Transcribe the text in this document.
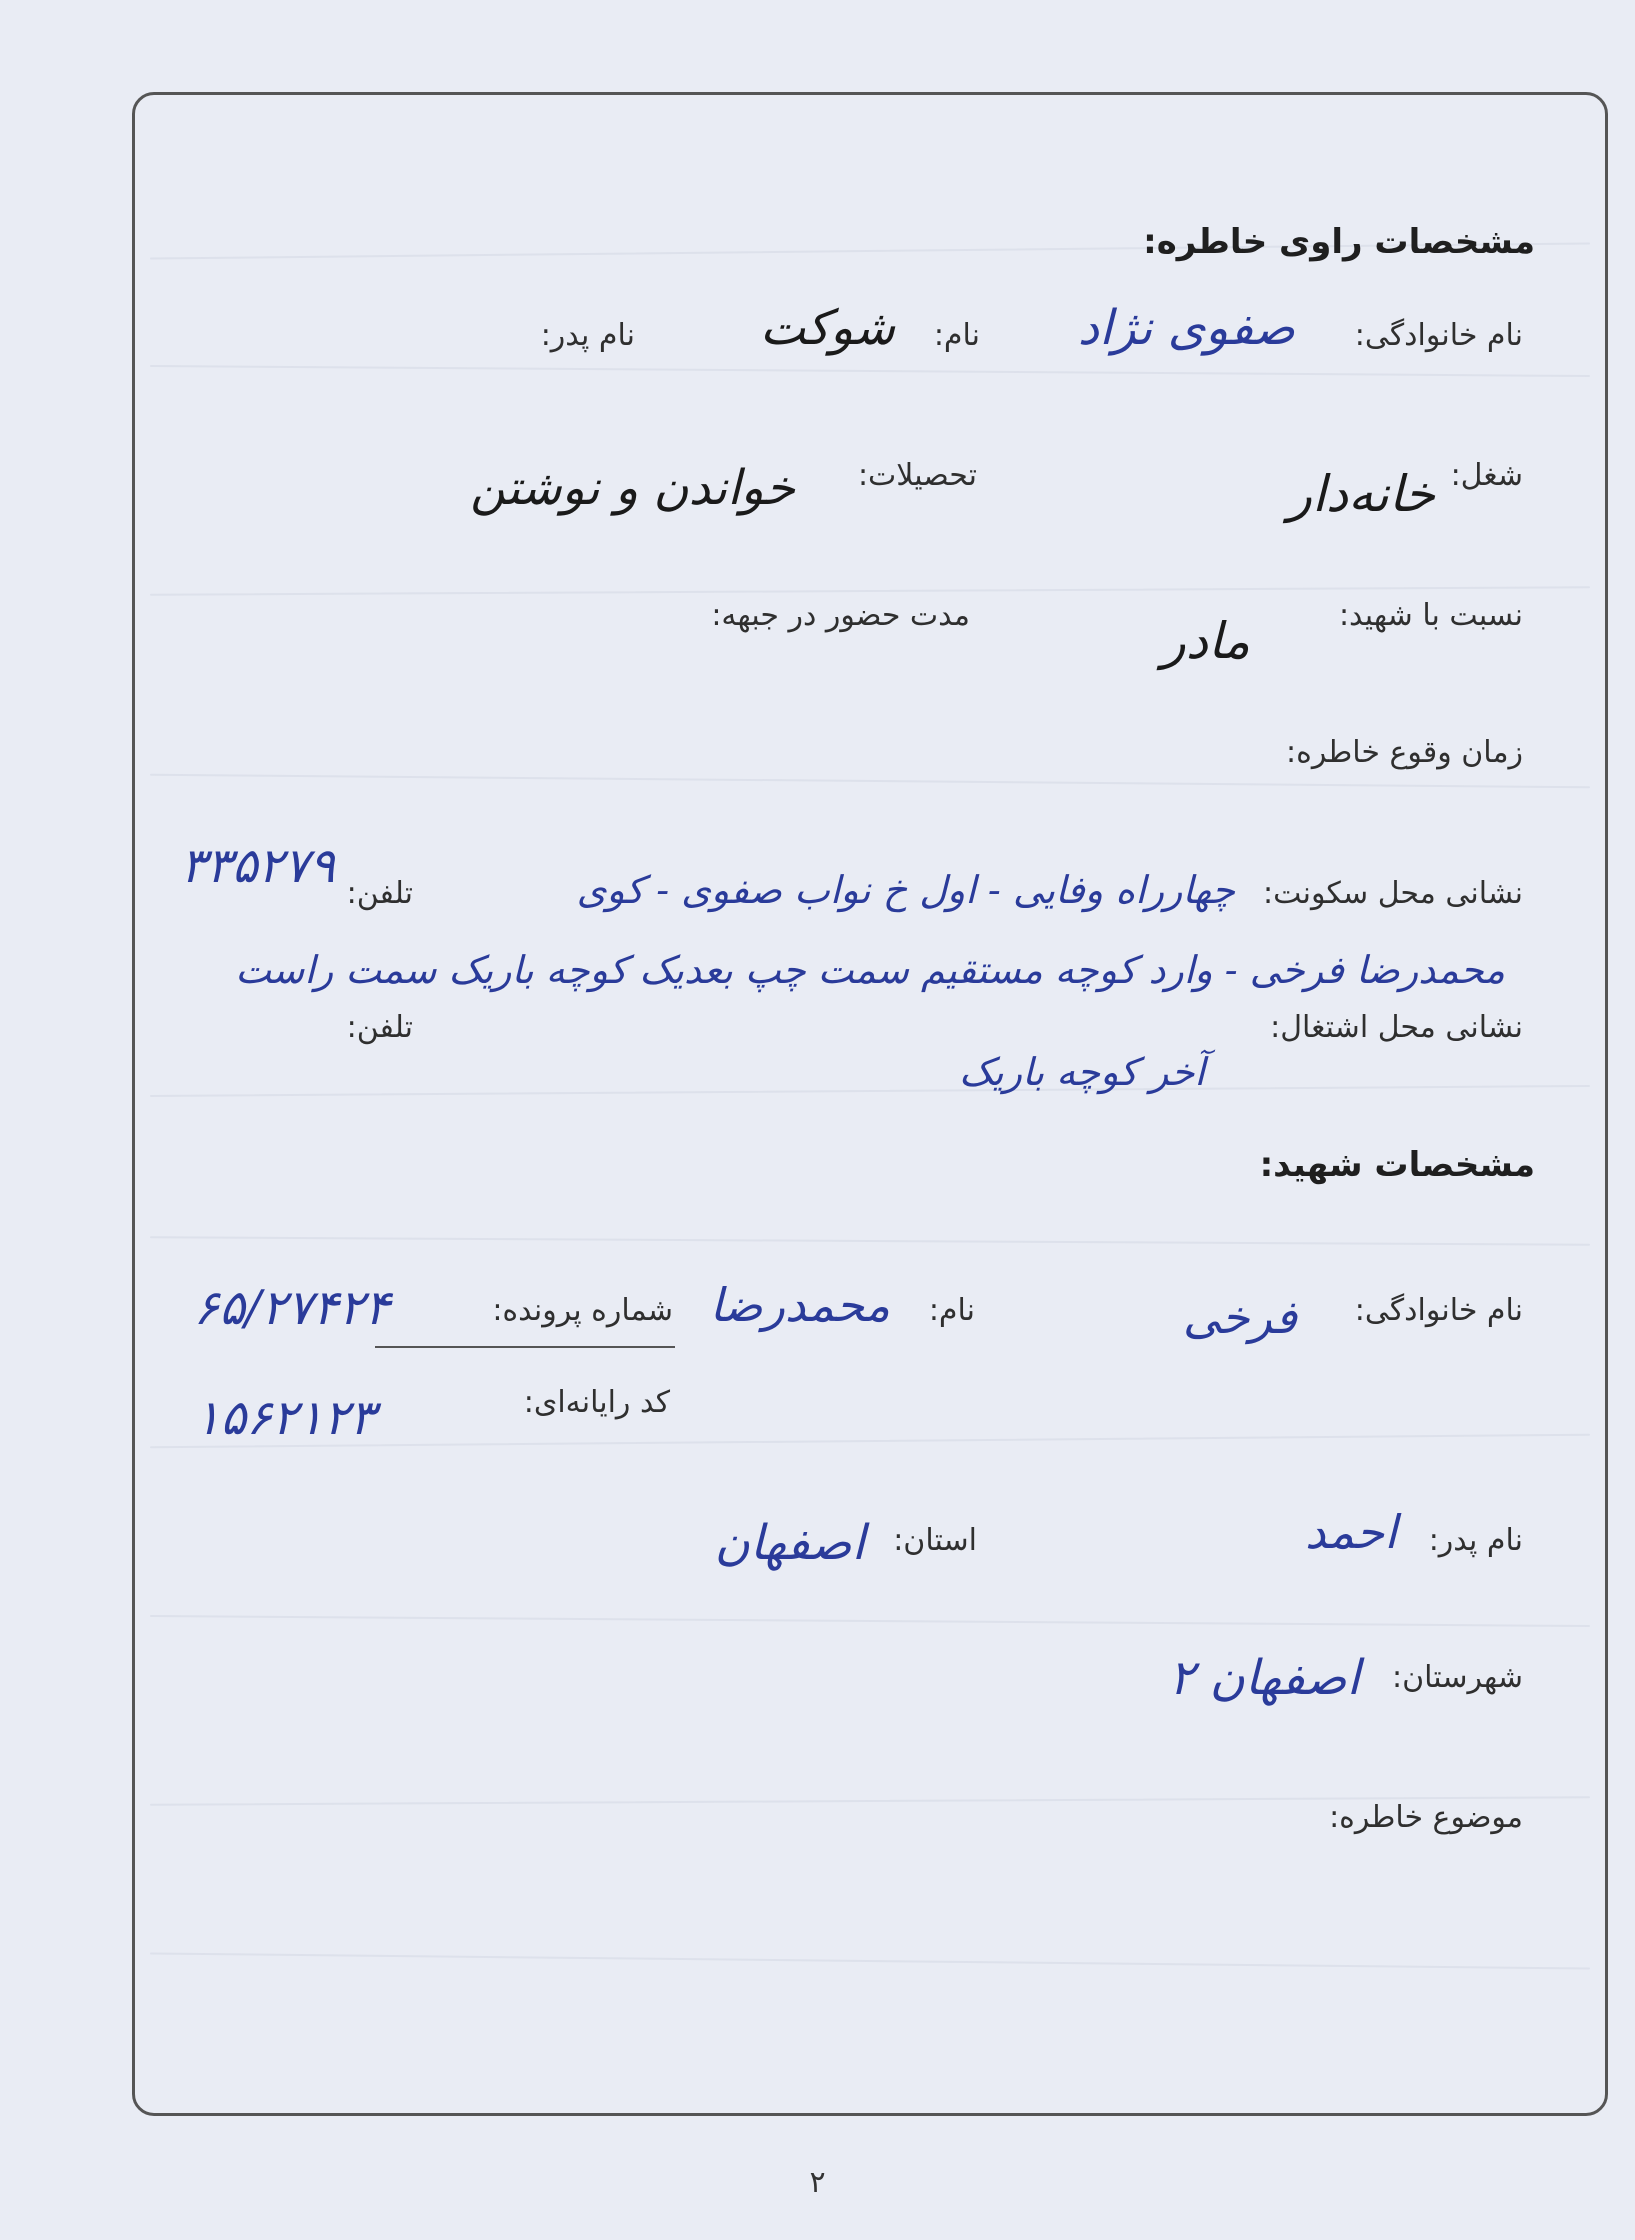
مشخصات راوی خاطره:
نام خانوادگی:
صفوی نژاد
نام:
شوکت
نام پدر:
شغل:
خانه‌دار
تحصیلات:
خواندن و نوشتن
نسبت با شهید:
مادر
مدت حضور در جبهه:
زمان وقوع خاطره:
نشانی محل سکونت:
چهارراه وفایی - اول خ نواب صفوی - کوی
تلفن:
۳۳۵۲۷۹
محمدرضا فرخی - وارد کوچه مستقیم سمت چپ بعدیک کوچه باریک سمت راست
نشانی محل اشتغال:
تلفن:
آخر کوچه باریک
مشخصات شهید:
نام خانوادگی:
فرخی
نام:
محمدرضا
شماره پرونده:
۶۵/۲۷۴۲۴
کد رایانه‌ای:
۱۵۶۲۱۲۳
نام پدر:
احمد
استان:
اصفهان
شهرستان:
اصفهان ۲
موضوع خاطره:
۲
